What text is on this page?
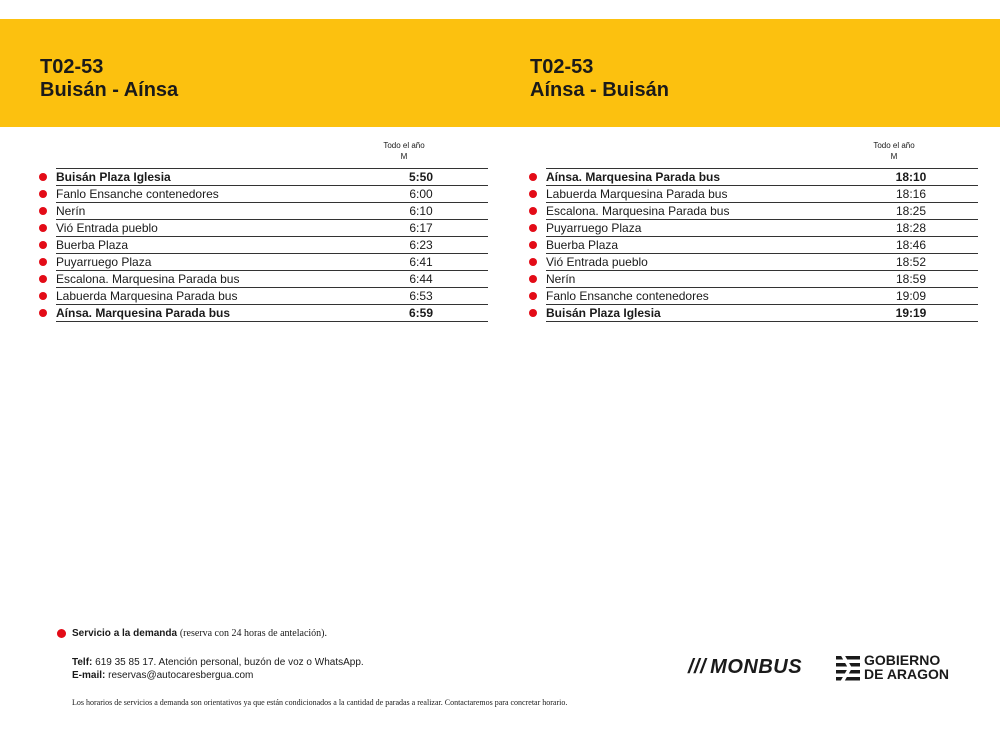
T02-53
Buisán - Aínsa
T02-53
Aínsa - Buisán
Todo el año
M
Buisán Plaza Iglesia	5:50
Fanlo Ensanche contenedores	6:00
Nerín	6:10
Vió Entrada pueblo	6:17
Buerba Plaza	6:23
Puyarruego Plaza	6:41
Escalona. Marquesina Parada bus	6:44
Labuerda Marquesina Parada bus	6:53
Aínsa. Marquesina Parada bus	6:59
Todo el año
M
Aínsa. Marquesina Parada bus	18:10
Labuerda Marquesina Parada bus	18:16
Escalona. Marquesina Parada bus	18:25
Puyarruego Plaza	18:28
Buerba Plaza	18:46
Vió Entrada pueblo	18:52
Nerín	18:59
Fanlo Ensanche contenedores	19:09
Buisán Plaza Iglesia	19:19
Servicio a la demanda (reserva con 24 horas de antelación).
Telf: 619 35 85 17. Atención personal, buzón de voz o WhatsApp.
E-mail: reservas@autocaresbergua.com
Los horarios de servicios a demanda son orientativos ya que están condicionados a la cantidad de paradas a realizar. Contactaremos para concretar horario.
/// MONBUS	GOBIERNO
DE ARAGON
